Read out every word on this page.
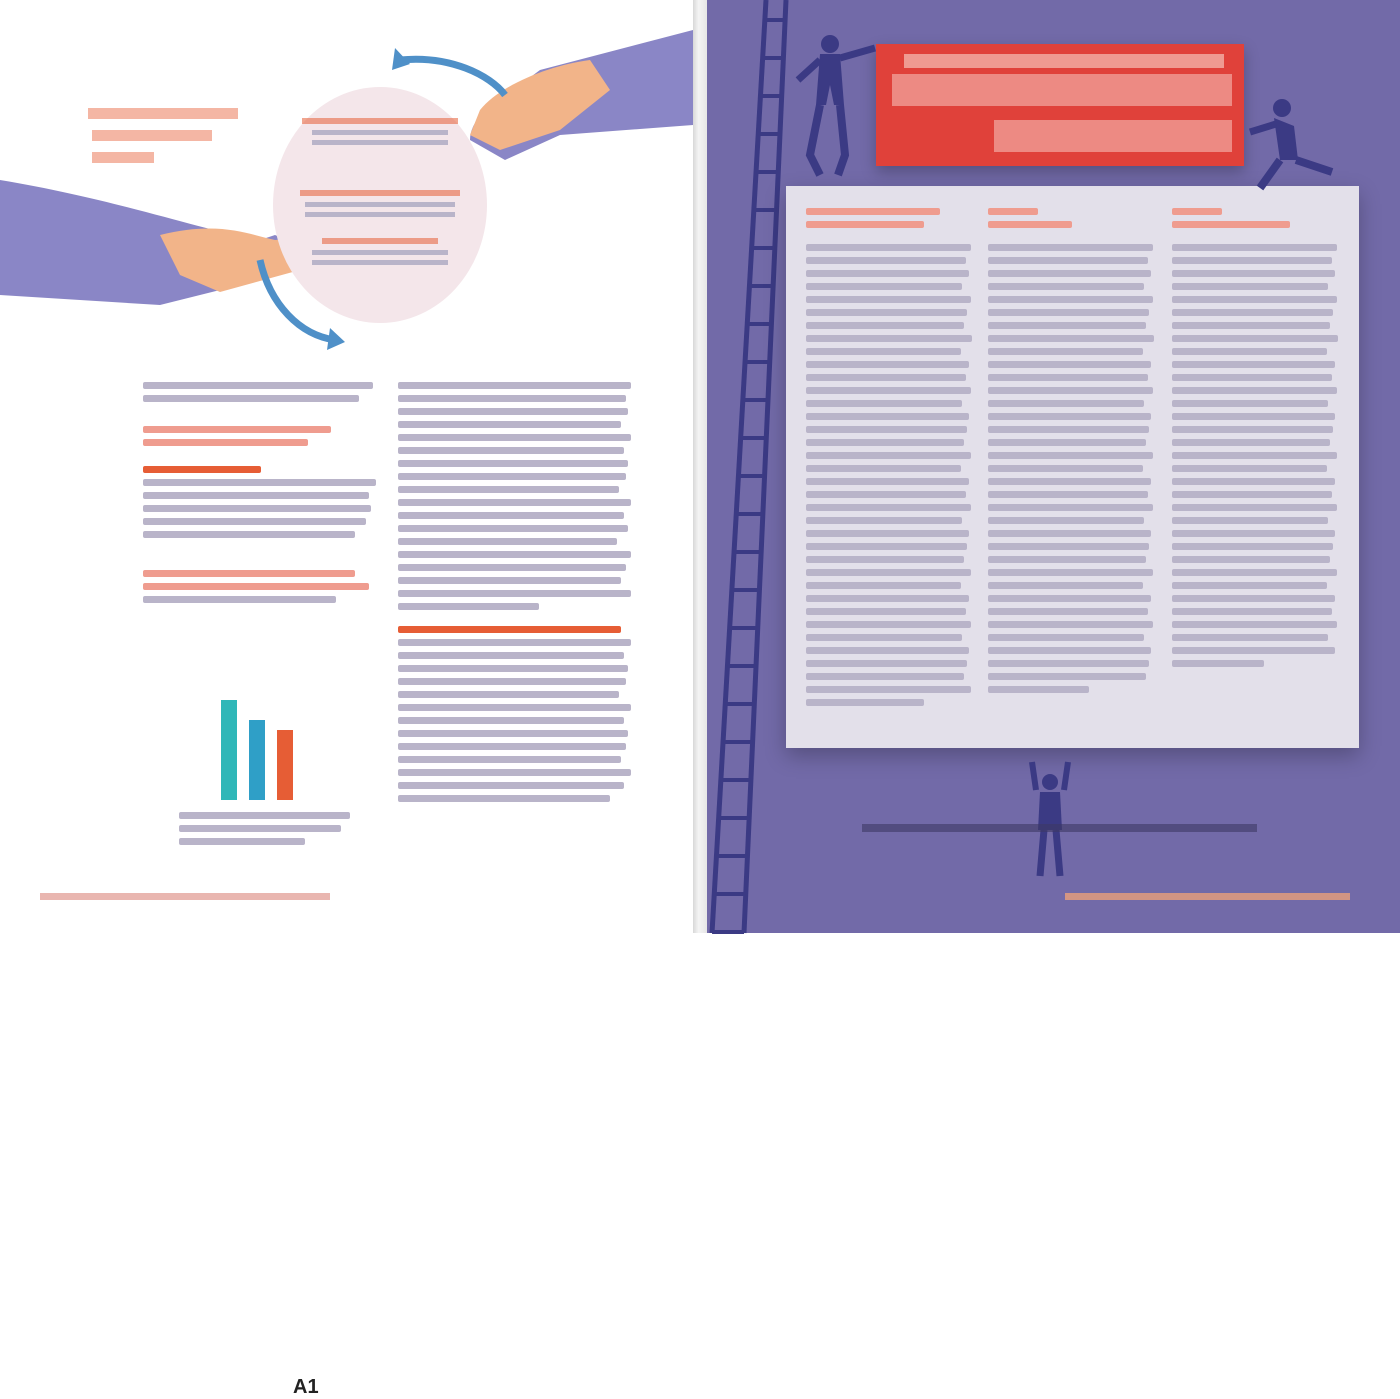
A1
